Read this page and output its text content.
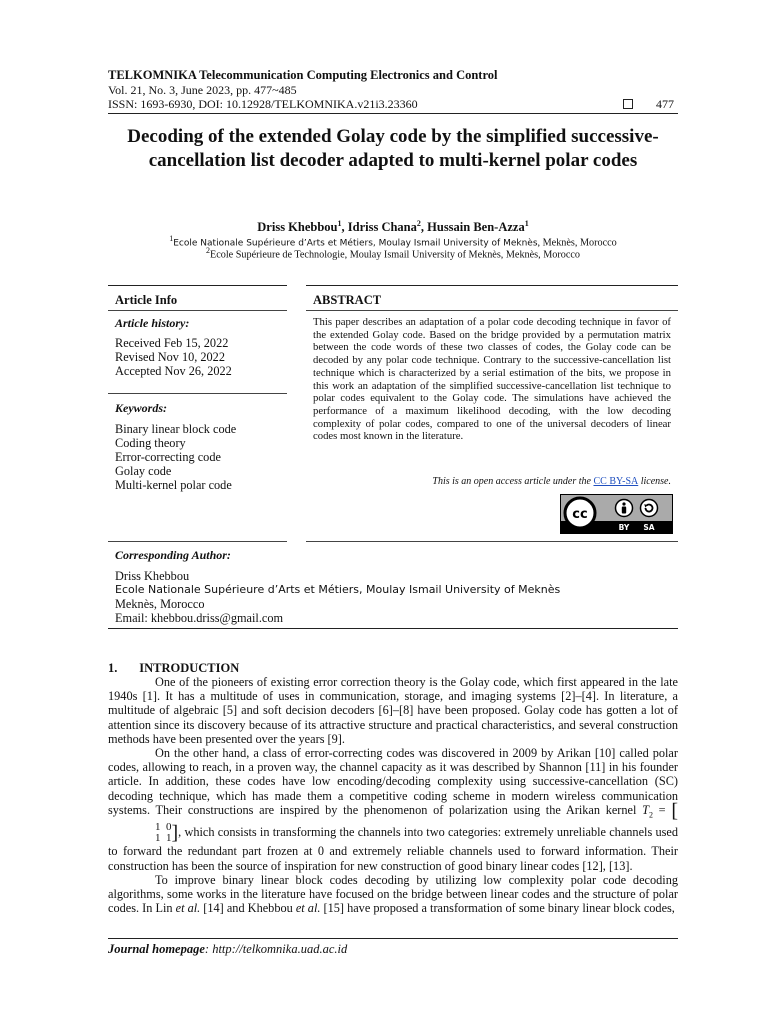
TELKOMNIKA Telecommunication Computing Electronics and Control
Vol. 21, No. 3, June 2023, pp. 477~485
ISSN: 1693-6930, DOI: 10.12928/TELKOMNIKA.v21i3.23360	477
Decoding of the extended Golay code by the simplified successive-cancellation list decoder adapted to multi-kernel polar codes
Driss Khebbou$^1$, Idriss Chana$^2$, Hussain Ben-Azza$^1$
$^1$Ecole Nationale Supérieure d’Arts et Métiers, Moulay Ismail University of Meknès, Meknès, Morocco
$^2$Ecole Supérieure de Technologie, Moulay Ismail University of Meknès, Meknès, Morocco
Article Info
Article history:
Received Feb 15, 2022
Revised Nov 10, 2022
Accepted Nov 26, 2022
Keywords:
Binary linear block code
Coding theory
Error-correcting code
Golay code
Multi-kernel polar code
ABSTRACT
This paper describes an adaptation of a polar code decoding technique in favor of the extended Golay code. Based on the bridge provided by a permutation matrix between the code words of these two classes of codes, the Golay code can be decoded by any polar code technique. Contrary to the successive-cancellation list technique which is characterized by a serial estimation of the bits, we propose in this work an adaptation of the simplified successive-cancellation list technique to polar codes equivalent to the Golay code. The simulations have achieved the performance of a maximum likelihood decoding, with the low decoding complexity of polar codes, compared to one of the universal decoders of linear codes most known in the literature.
This is an open access article under the CC BY-SA license.
cc
BY SA
Corresponding Author:
Driss Khebbou
Ecole Nationale Supérieure d’Arts et Métiers, Moulay Ismail University of Meknès
Meknès, Morocco
Email: khebbou.driss@gmail.com
1.       INTRODUCTION

One of the pioneers of existing error correction theory is the Golay code, which first appeared in the late 1940s [1]. It has a multitude of uses in communication, storage, and imaging systems [2]–[4]. In literature, a multitude of algebraic [5] and soft decision decoders [6]–[8] have been proposed. Golay code has gotten a lot of attention since its discovery because of its attractive structure and practical characteristics, and several construction methods have been presented over the years [9].

On the other hand, a class of error-correcting codes was discovered in 2009 by Arikan [10] called polar codes, allowing to reach, in a proven way, the channel capacity as it was described by Shannon [11] in his founder article. In addition, these codes have low encoding/decoding complexity using successive-cancellation (SC) decoding technique, which has made them a competitive coding scheme in modern wireless communication systems. Their constructions are inspired by the phenomenon of polarization using the Arikan kernel $T_2$ = [
1  0
1  1 ], which consists in transforming the channels into two categories: extremely unreliable channels used to forward the redundant part frozen at 0 and extremely reliable channels used to forward information. Their construction has been the source of inspiration for new construction of good binary linear codes [12], [13].

To improve binary linear block codes decoding by utilizing low complexity polar code decoding algorithms, some works in the literature have focused on the bridge between linear codes and the structure of polar codes. In Lin et al. [14] and Khebbou et al. [15] have proposed a transformation of some binary linear block codes,

Journal homepage: http://telkomnika.uad.ac.id
